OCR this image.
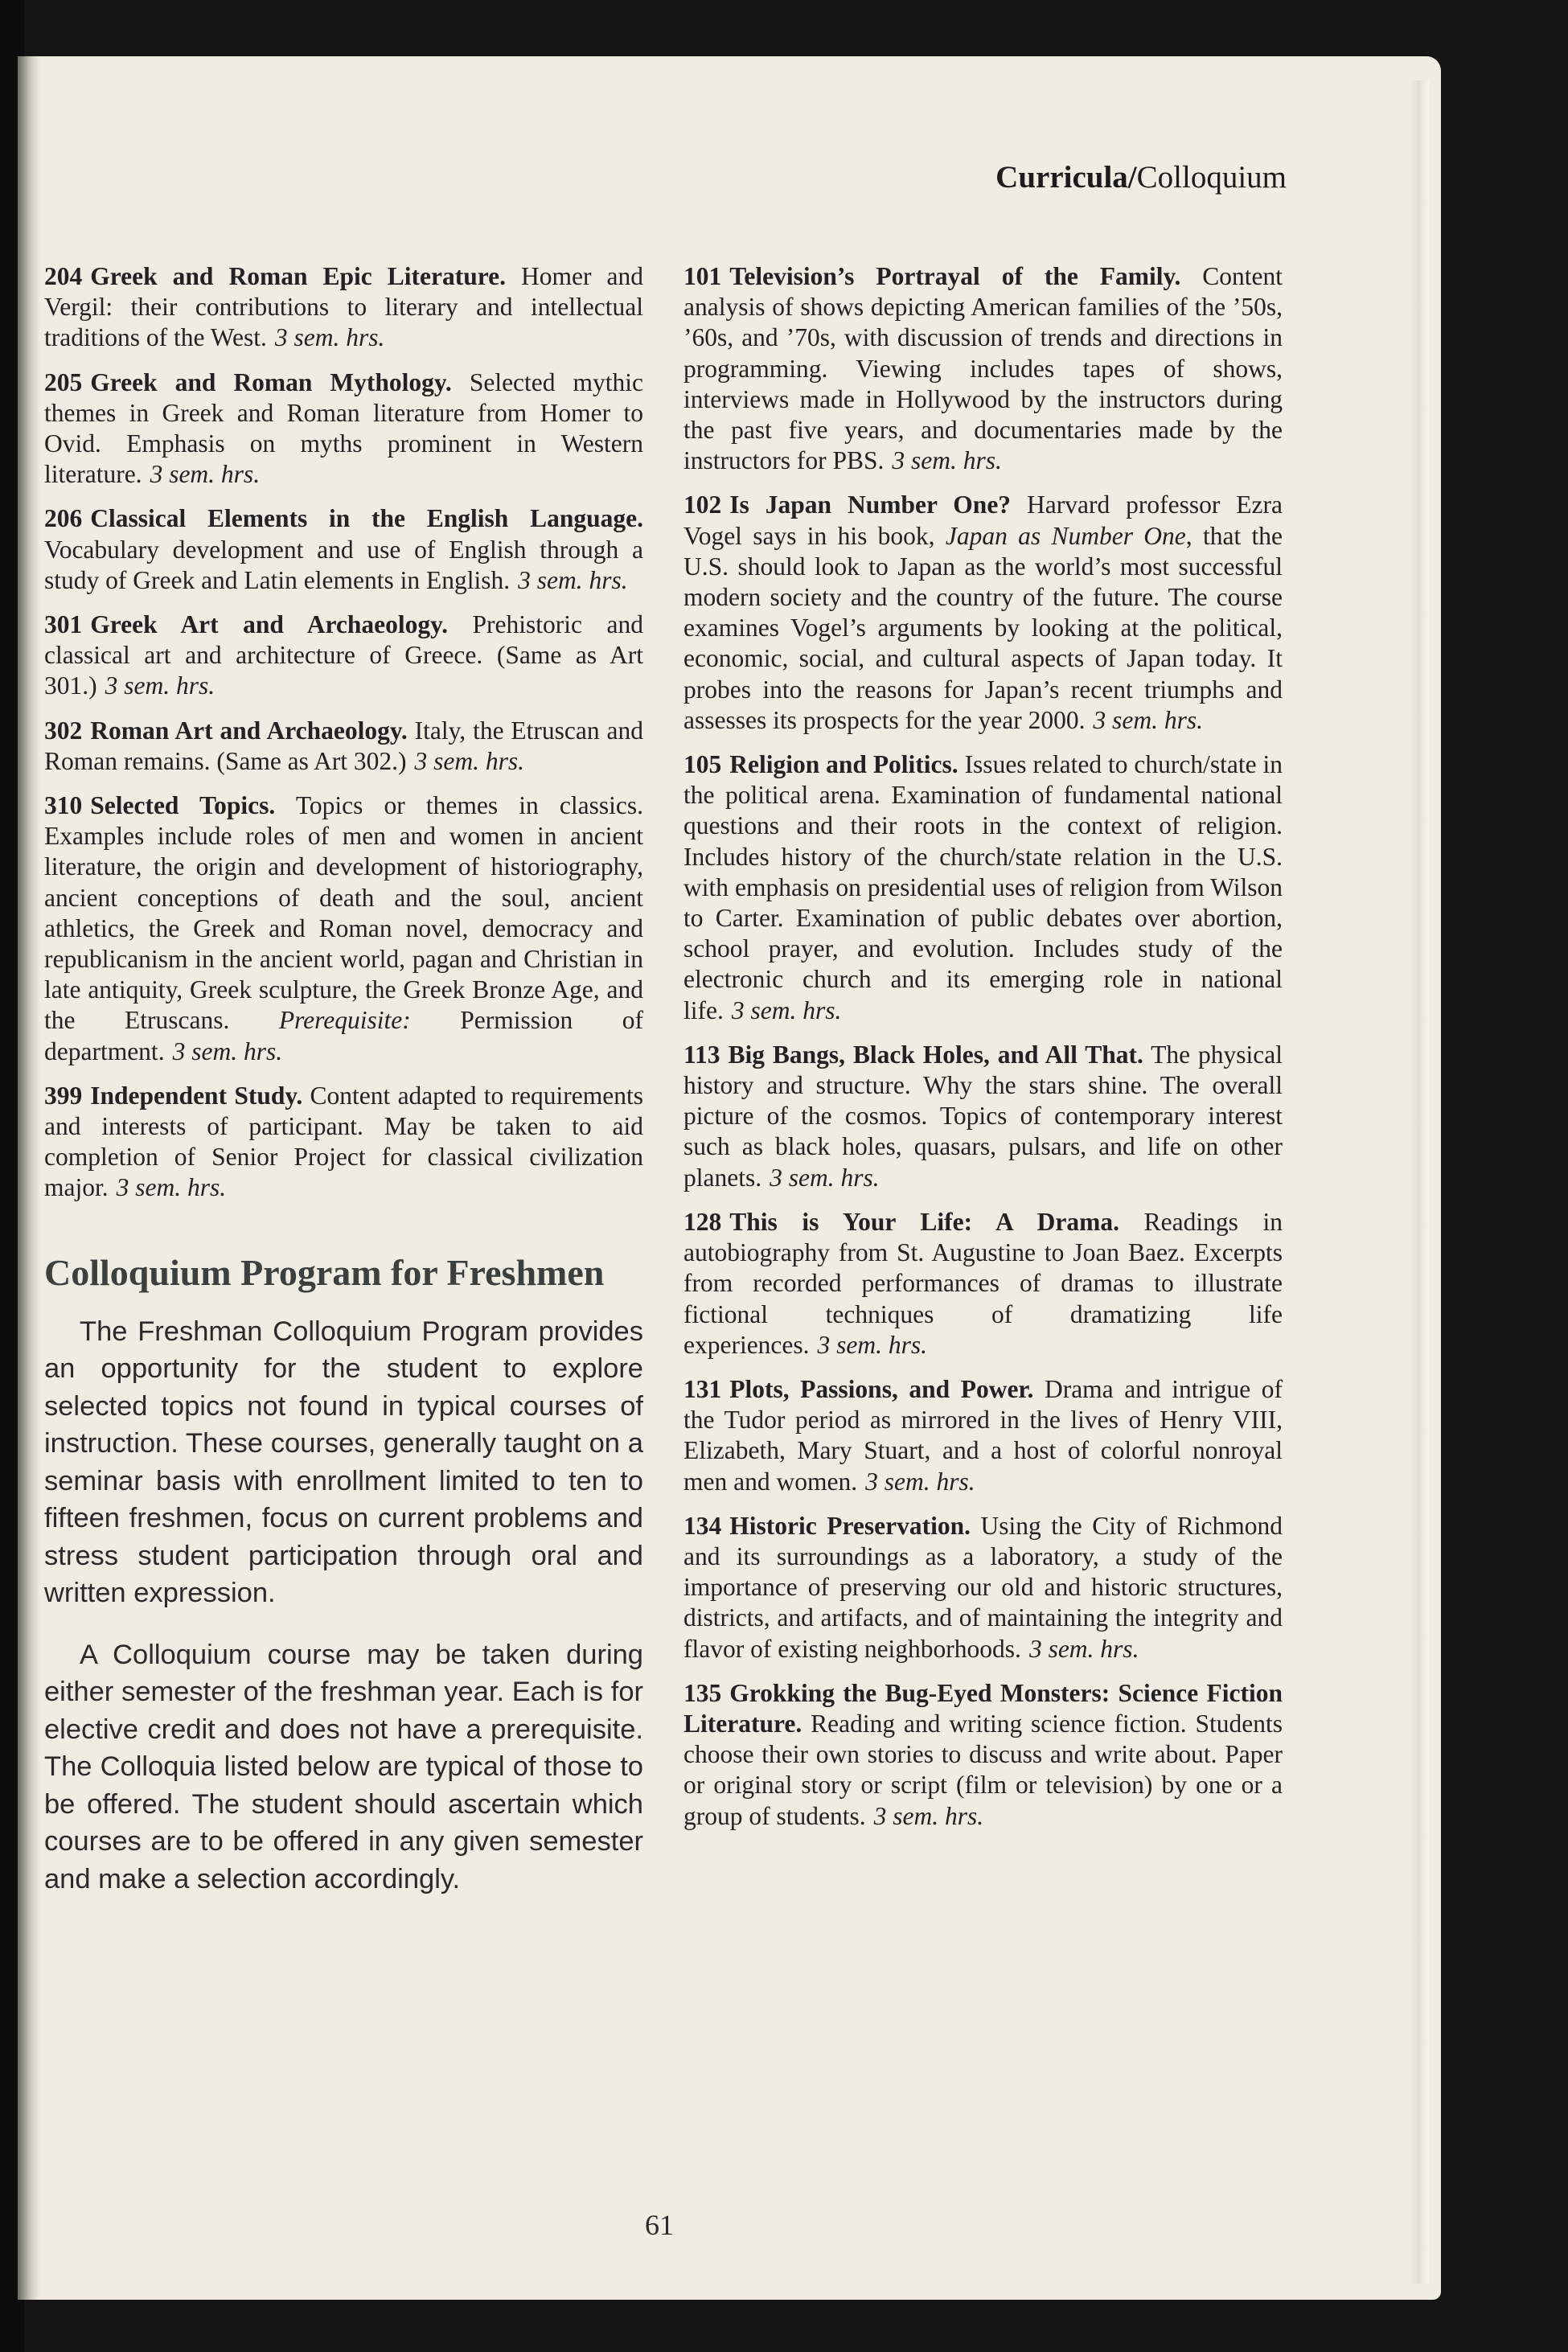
Curricula/Colloquium

204 Greek and Roman Epic Literature. Homer and Vergil: their contributions to literary and intellectual traditions of the West. 3 sem. hrs.

205 Greek and Roman Mythology. Selected mythic themes in Greek and Roman literature from Homer to Ovid. Emphasis on myths prominent in Western literature. 3 sem. hrs.

206 Classical Elements in the English Language. Vocabulary development and use of English through a study of Greek and Latin elements in English. 3 sem. hrs.

301 Greek Art and Archaeology. Prehistoric and classical art and architecture of Greece. (Same as Art 301.) 3 sem. hrs.

302 Roman Art and Archaeology. Italy, the Etruscan and Roman remains. (Same as Art 302.) 3 sem. hrs.

310 Selected Topics. Topics or themes in classics. Examples include roles of men and women in ancient literature, the origin and development of historiography, ancient conceptions of death and the soul, ancient athletics, the Greek and Roman novel, democracy and republicanism in the ancient world, pagan and Christian in late antiquity, Greek sculpture, the Greek Bronze Age, and the Etruscans. Prerequisite: Permission of department. 3 sem. hrs.

399 Independent Study. Content adapted to requirements and interests of participant. May be taken to aid completion of Senior Project for classical civilization major. 3 sem. hrs.

Colloquium Program for Freshmen

The Freshman Colloquium Program provides an opportunity for the student to explore selected topics not found in typical courses of instruction. These courses, generally taught on a seminar basis with enrollment limited to ten to fifteen freshmen, focus on current problems and stress student participation through oral and written expression.

A Colloquium course may be taken during either semester of the freshman year. Each is for elective credit and does not have a prerequisite. The Colloquia listed below are typical of those to be offered. The student should ascertain which courses are to be offered in any given semester and make a selection accordingly.

101 Television’s Portrayal of the Family. Content analysis of shows depicting American families of the ’50s, ’60s, and ’70s, with discussion of trends and directions in programming. Viewing includes tapes of shows, interviews made in Hollywood by the instructors during the past five years, and documentaries made by the instructors for PBS. 3 sem. hrs.

102 Is Japan Number One? Harvard professor Ezra Vogel says in his book, Japan as Number One, that the U.S. should look to Japan as the world’s most successful modern society and the country of the future. The course examines Vogel’s arguments by looking at the political, economic, social, and cultural aspects of Japan today. It probes into the reasons for Japan’s recent triumphs and assesses its prospects for the year 2000. 3 sem. hrs.

105 Religion and Politics. Issues related to church/state in the political arena. Examination of fundamental national questions and their roots in the context of religion. Includes history of the church/state relation in the U.S. with emphasis on presidential uses of religion from Wilson to Carter. Examination of public debates over abortion, school prayer, and evolution. Includes study of the electronic church and its emerging role in national life. 3 sem. hrs.

113 Big Bangs, Black Holes, and All That. The physical history and structure. Why the stars shine. The overall picture of the cosmos. Topics of contemporary interest such as black holes, quasars, pulsars, and life on other planets. 3 sem. hrs.

128 This is Your Life: A Drama. Readings in autobiography from St. Augustine to Joan Baez. Excerpts from recorded performances of dramas to illustrate fictional techniques of dramatizing life experiences. 3 sem. hrs.

131 Plots, Passions, and Power. Drama and intrigue of the Tudor period as mirrored in the lives of Henry VIII, Elizabeth, Mary Stuart, and a host of colorful nonroyal men and women. 3 sem. hrs.

134 Historic Preservation. Using the City of Richmond and its surroundings as a laboratory, a study of the importance of preserving our old and historic structures, districts, and artifacts, and of maintaining the integrity and flavor of existing neighborhoods. 3 sem. hrs.

135 Grokking the Bug-Eyed Monsters: Science Fiction Literature. Reading and writing science fiction. Students choose their own stories to discuss and write about. Paper or original story or script (film or television) by one or a group of students. 3 sem. hrs.

61
